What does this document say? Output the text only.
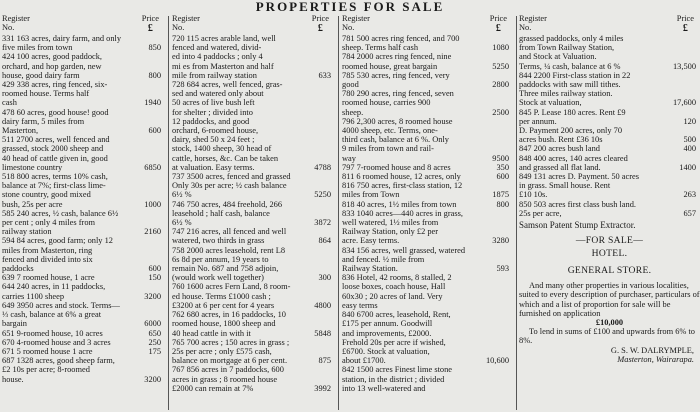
PROPERTIES FOR SALE
Register
No.
Price
£
331 163 acres, dairy farm, and only
five miles from town	850
424 100 acres, good paddock,
orchard, and hop garden, new
house, good dairy farm	800
429 338 acres, ring fenced, six-
roomed house. Terms half
cash	1940
478 60 acres, good house! good
dairy farm, 5 miles from
Masterton,	600
511 2700 acres, well fenced and
grassed, stock 2000 sheep and
40 head of cattle given in, good
limestone country	6850
518 800 acres, terms 10% cash,
balance at 7%; first-class lime-
stone country, good mixed
bush, 25s per acre	1000
585 240 acres, ½ cash, balance 6½
per cent ; only 4 miles from
railway station	2160
594 84 acres, good farm; only 12
miles from Masterton, ring
fenced and divided into six
paddocks	600
639 7 roomed house, 1 acre	150
644 240 acres, in 11 paddocks,
carries 1100 sheep	3200
649 3950 acres and stock. Terms—
⅓ cash, balance at 6% a great
bargain	6000
651 9-roomed house, 10 acres	650
670 4-roomed house and 3 acres	250
671 5 roomed house 1 acre	175
687 1328 acres, good sheep farm,
£2 10s per acre; 8-roomed
house.	3200
Register
No.
Price
£
720 115 acres arable land, well
fenced and watered, divid-
ed into 4 paddocks ; only 4
mi es from Masterton and half
mile from railway station	633
728 684 acres, well fenced, gras-
sed and watered only about
50 acres of live bush left
for shelter ; divided into
12 paddocks, and good
orchard, 6-roomed house,
dairy, shed 50 x 24 feet ;
stock, 1400 sheep, 30 head of
cattle, horses, &c. Can be taken
at valuation. Easy terms.	4788
737 3500 acres, fenced and grassed
Only 30s per acre; ½ cash balance
6½ %	5250
746 750 acres, 484 freehold, 266
leasehold ; half cash, balance
6½ %	3872
747 216 acres, all fenced and well
watered, two thirds in grass	864
758 2000 acres leasehold, rent L8
6s 8d per annum, 19 years to
remain No. 687 and 758 adjoin,
(would work well together)	300
760 1600 acres Fern Land, 8 room-
ed house. Terms £1000 cash ;
£3200 at 6 per cent for 4 years	4800
762 680 acres, in 16 paddocks, 10
roomed house, 1800 sheep and
40 head cattle in with it	5848
765 700 acres ; 150 acres in grass ;
25s per acre ; only £575 cash,
balance on mortgage at 6 per cent.	875
767 856 acres in 7 paddocks, 600
acres in grass ; 8 roomed house
£2000 can remain at 7%	3992
Register
No.
Price
£
781 500 acres ring fenced, and 700
sheep. Terms half cash	1080
784 2000 acres ring fenced, nine
roomed house, great bargain	5250
785 530 acres, ring fenced, very
good	2800
780 290 acres, ring fenced, seven
roomed house, carries 900
sheep.	2500
796 2,300 acres, 8 roomed house
4000 sheep, etc. Terms, one-
third cash, balance at 6 %. Only
9 miles from town and rail-
way	9500
797 7-roomed house and 8 acres	350
811 6 roomed house, 12 acres, only	600
816 750 acres, first-class station, 12
miles from Town	1875
818 40 acres, 1½ miles from town	800
833 1040 acres—440 acres in grass,
well watered, 1½ miles from
Railway Station, only £2 per
acre. Easy terms.	3280
834 156 acres, well grassed, watered
and fenced. ½ mile from
Railway Station.	593
836 Hotel, 42 rooms, 8 stalled, 2
loose boxes, coach house, Hall
60x30 ; 20 acres of land. Very
easy terms
840 6700 acres, leasehold, Rent,
£175 per annum. Goodwill
and improvements, £2000.
Frehold 20s per acre if wished,
£6700. Stock at valuation,
about £1700.	10,600
842 1500 acres Finest lime stone
station, in the district ; divided
into 13 well-watered and
Register
No.
Price
£
grassed paddocks, only 4 miles
from Town Railway Station,
and Stock at Valuation.
Terms, ¼ cash, balance at 6 %	13,500
844 2200 First-class station in 22
paddocks with saw mill tithes.
Three miles railway station.
Stock at valuation,	17,600
845 P. Lease 180 acres. Rent £9
per annum.	120
D. Payment 200 acres, only 70
acres bush. Rent £36 10s	500
847 200 acres bush land	400
848 400 acres, 140 acres cleared
and grassed all flat land.	1400
849 131 acres D. Payment. 50 acres
in grass. Small house. Rent
£10 10s.	263
850 503 acres first class bush land.
25s per acre,	657
Samson Patent Stump Extractor.
—FOR SALE—
HOTEL.
GENERAL STORE.
And many other properties in various localities, suited to every description of purchaser, particulars of which and a list of proportion for sale will be furnished on application
£10,000
To lend in sums of £100 and upwards from 6% to 8%.
G. S. W. DALRYMPLE,
Masterton, Wairarapa.
